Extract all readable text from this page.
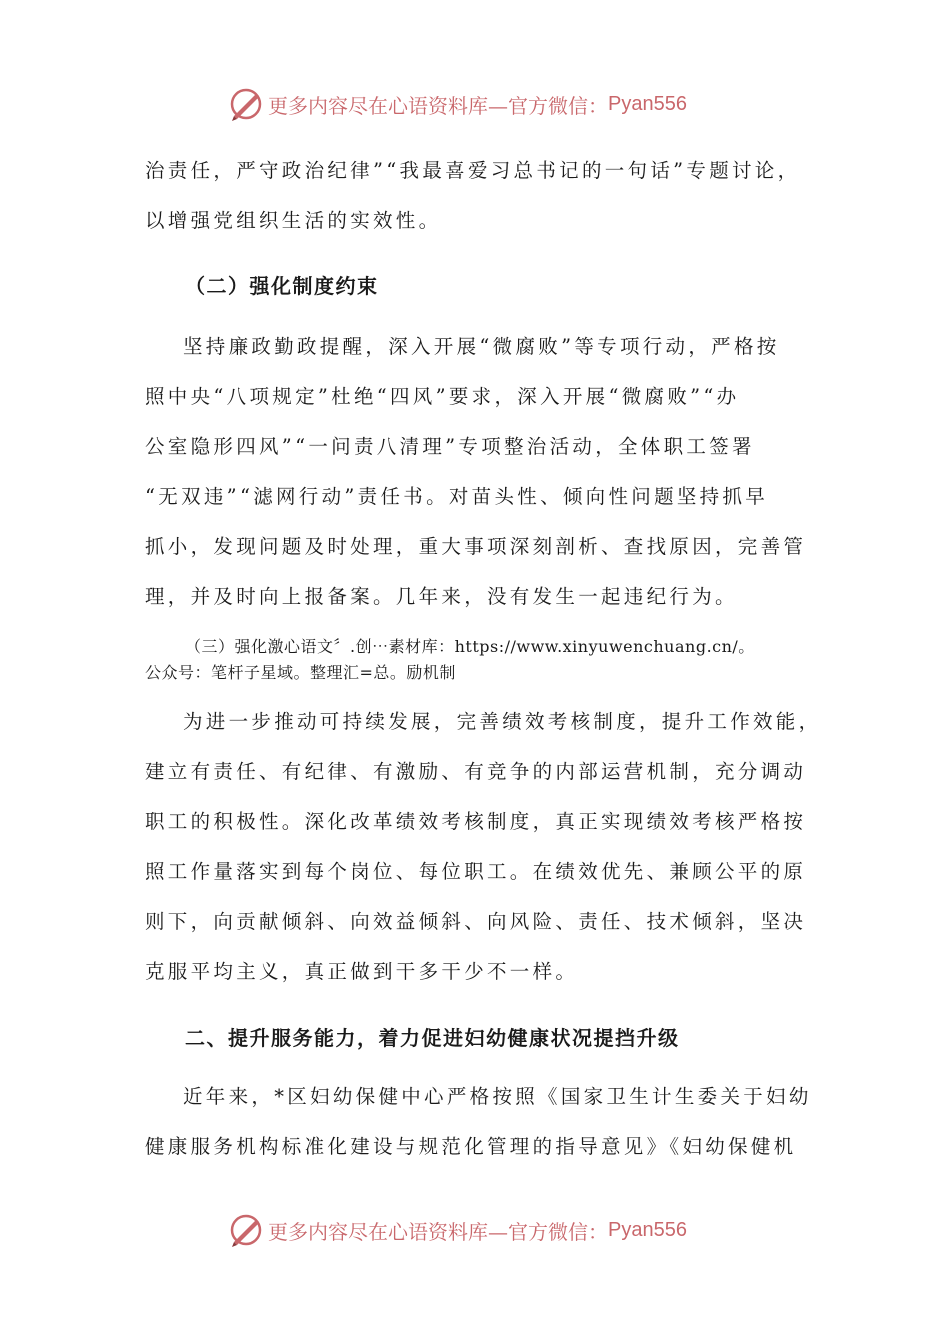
更多内容尽在心语资料库—官方微信： Pyan556
治责任，严守政治纪律”“我最喜爱习总书记的一句话”专题讨论，
以增强党组织生活的实效性。
（二）强化制度约束
坚持廉政勤政提醒，深入开展“微腐败”等专项行动，严格按
照中央“八项规定”杜绝“四风”要求，深入开展“微腐败”“办
公室隐形四风”“一问责八清理”专项整治活动，全体职工签署
“无双违”“滤网行动”责任书。对苗头性、倾向性问题坚持抓早
抓小，发现问题及时处理，重大事项深刻剖析、查找原因，完善管
理，并及时向上报备案。几年来，没有发生一起违纪行为。
（三）强化激心语文〞.创⋯素材库：https://www.xinyuwenchuang.cn/。
公众号：笔杆子星域。整理汇=总。励机制
为进一步推动可持续发展，完善绩效考核制度，提升工作效能，
建立有责任、有纪律、有激励、有竞争的内部运营机制，充分调动
职工的积极性。深化改革绩效考核制度，真正实现绩效考核严格按
照工作量落实到每个岗位、每位职工。在绩效优先、兼顾公平的原
则下，向贡献倾斜、向效益倾斜、向风险、责任、技术倾斜，坚决
克服平均主义，真正做到干多干少不一样。
二、提升服务能力，着力促进妇幼健康状况提挡升级
近年来，*区妇幼保健中心严格按照《国家卫生计生委关于妇幼
健康服务机构标准化建设与规范化管理的指导意见》《妇幼保健机
更多内容尽在心语资料库—官方微信： Pyan556
